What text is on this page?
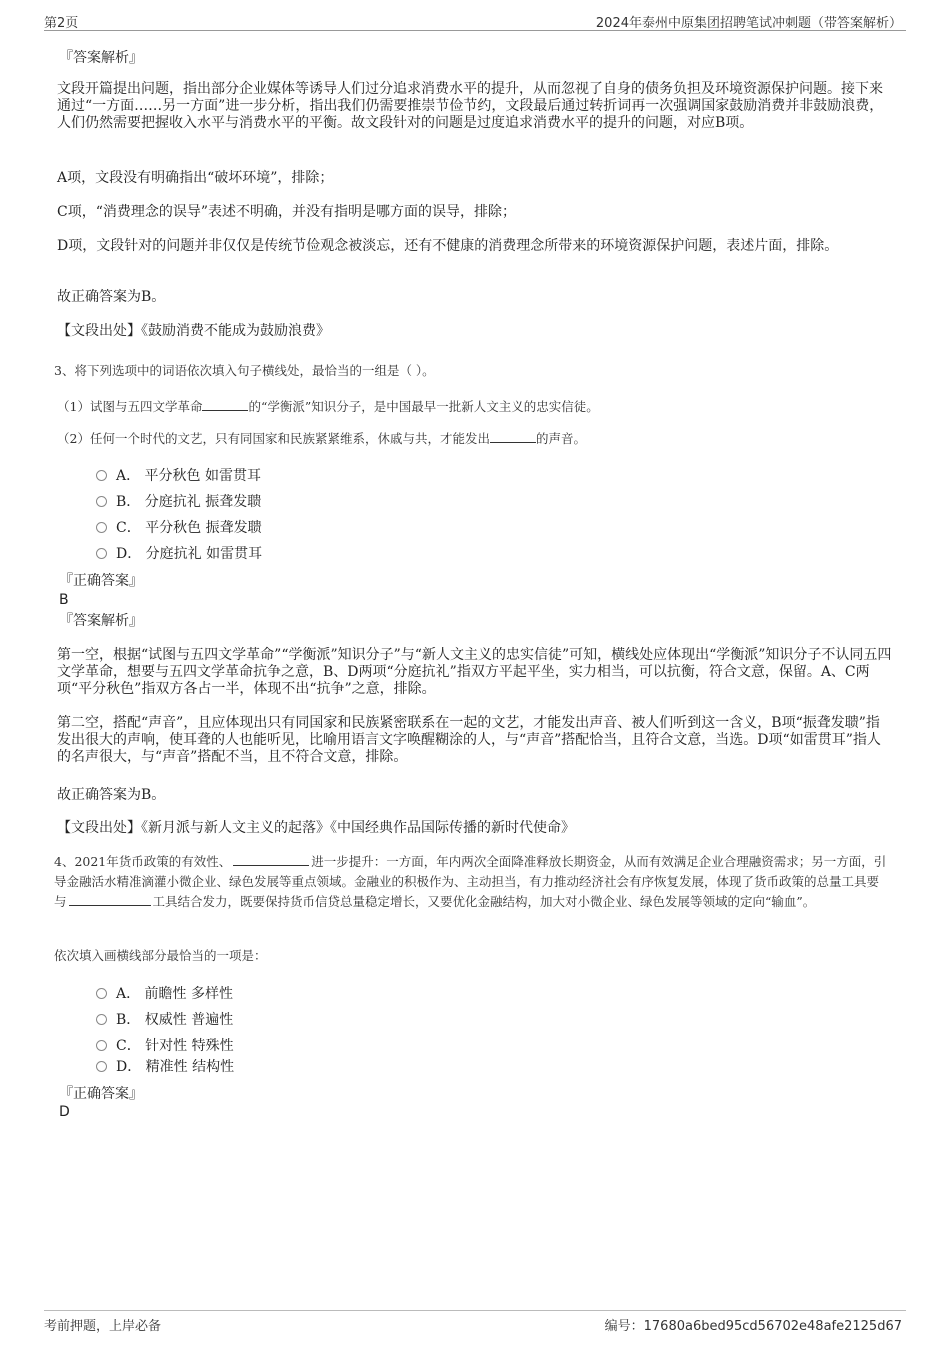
第2页	2024年泰州中原集团招聘笔试冲刺题（带答案解析）
『答案解析』
文段开篇提出问题，指出部分企业媒体等诱导人们过分追求消费水平的提升，从而忽视了自身的债务负担及环境资源保护问题。接下来通过“一方面……另一方面”进一步分析，指出我们仍需要推崇节俭节约，文段最后通过转折词再一次强调国家鼓励消费并非鼓励浪费，人们仍然需要把握收入水平与消费水平的平衡。故文段针对的问题是过度追求消费水平的提升的问题，对应B项。
A项，文段没有明确指出“破坏环境”，排除；
C项，“消费理念的误导”表述不明确，并没有指明是哪方面的误导，排除；
D项，文段针对的问题并非仅仅是传统节俭观念被淡忘，还有不健康的消费理念所带来的环境资源保护问题，表述片面，排除。
故正确答案为B。
【文段出处】《鼓励消费不能成为鼓励浪费》
3、将下列选项中的词语依次填入句子横线处，最恰当的一组是（ ）。
（1）试图与五四文学革命	的“学衡派”知识分子，是中国最早一批新人文主义的忠实信徒。
（2）任何一个时代的文艺，只有同国家和民族紧紧维系，休戚与共，才能发出	的声音。
A． 平分秋色 如雷贯耳
B． 分庭抗礼 振聋发聩
C． 平分秋色 振聋发聩
D． 分庭抗礼 如雷贯耳
『正确答案』
B
『答案解析』
第一空，根据“试图与五四文学革命”“学衡派”知识分子”与“新人文主义的忠实信徒”可知，横线处应体现出“学衡派”知识分子不认同五四文学革命，想要与五四文学革命抗争之意，B、D两项“分庭抗礼”指双方平起平坐，实力相当，可以抗衡，符合文意，保留。A、C两项“平分秋色”指双方各占一半，体现不出“抗争”之意，排除。
第二空，搭配“声音”，且应体现出只有同国家和民族紧密联系在一起的文艺，才能发出声音、被人们听到这一含义，B项“振聋发聩”指发出很大的声响，使耳聋的人也能听见，比喻用语言文字唤醒糊涂的人，与“声音”搭配恰当，且符合文意，当选。D项“如雷贯耳”指人的名声很大，与“声音”搭配不当，且不符合文意，排除。
故正确答案为B。
【文段出处】《新月派与新人文主义的起落》《中国经典作品国际传播的新时代使命》
4、2021年货币政策的有效性、	进一步提升：一方面，年内两次全面降准释放长期资金，从而有效满足企业合理融资需求；另一方面，引导金融活水精准滴灌小微企业、绿色发展等重点领域。金融业的积极作为、主动担当，有力推动经济社会有序恢复发展，体现了货币政策的总量工具要与	工具结合发力，既要保持货币信贷总量稳定增长，又要优化金融结构，加大对小微企业、绿色发展等领域的定向“输血”。
依次填入画横线部分最恰当的一项是：
A． 前瞻性 多样性
B． 权威性 普遍性
C． 针对性 特殊性
D． 精准性 结构性
『正确答案』
D
考前押题，上岸必备	编号：17680a6bed95cd56702e48afe2125d67
